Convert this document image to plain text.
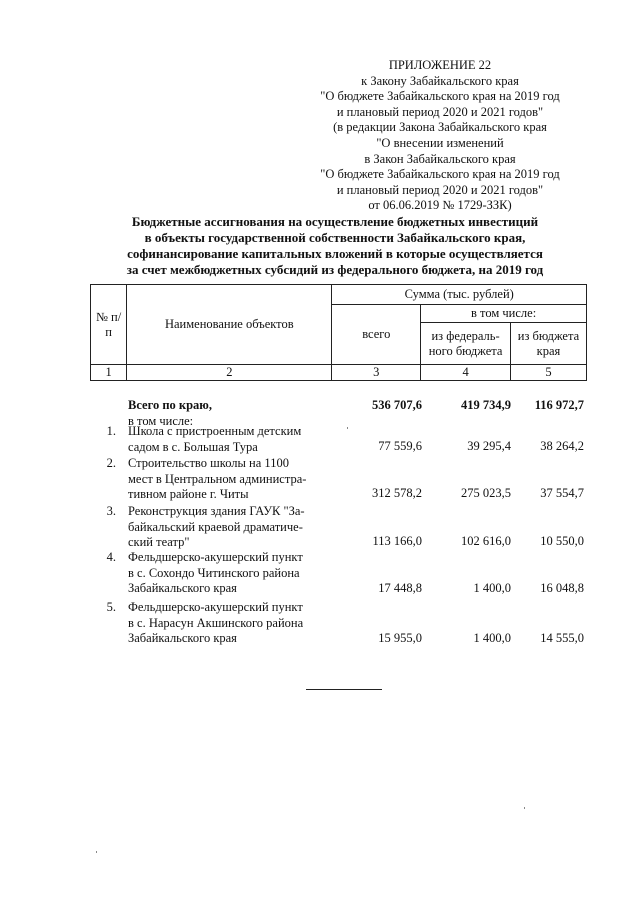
ПРИЛОЖЕНИЕ 22
к Закону Забайкальского края
"О бюджете Забайкальского края на 2019 год
и плановый период 2020 и 2021 годов"
(в редакции Закона Забайкальского края
"О внесении изменений
в Закон Забайкальского края
"О бюджете Забайкальского края на 2019 год
и плановый период 2020 и 2021 годов"
от 06.06.2019 № 1729-ЗЗК)
Бюджетные ассигнования на осуществление бюджетных инвестиций
в объекты государственной собственности Забайкальского края,
софинансирование капитальных вложений в которые осуществляется
за счет межбюджетных субсидий из федерального бюджета, на 2019 год
№ п/п	Наименование объектов	Сумма (тыс. рублей)		
		всего	в том числе:	
			из федераль-ного бюджета	из бюджета края
1	2	3	4	5
Всего по краю,	536 707,6	419 734,9	116 972,7
в том числе:
1. Школа с пристроенным детским
садом в с. Большая Тура	77 559,6	39 295,4	38 264,2
2. Строительство школы на 1100
мест в Центральном администра-
тивном районе г. Читы	312 578,2	275 023,5	37 554,7
3. Реконструкция здания ГАУК "За-
байкальский краевой драматиче-
ский театр"	113 166,0	102 616,0	10 550,0
4. Фельдшерско-акушерский пункт
в с. Сохондо Читинского района
Забайкальского края	17 448,8	1 400,0	16 048,8
5. Фельдшерско-акушерский пункт
в с. Нарасун Акшинского района
Забайкальского края	15 955,0	1 400,0	14 555,0
